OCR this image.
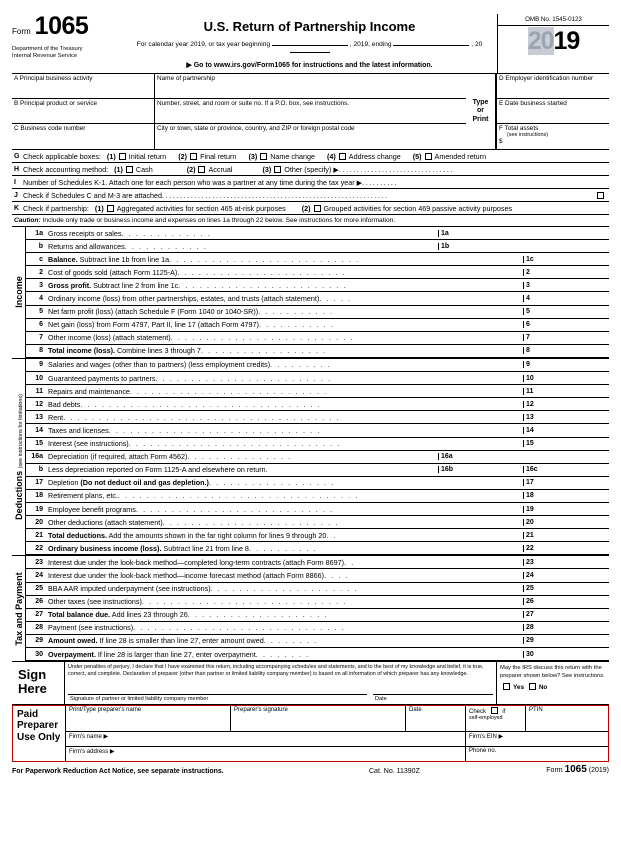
Form 1065
Department of the Treasury
Internal Revenue Service
U.S. Return of Partnership Income
For calendar year 2019, or tax year beginning	, 2019, ending	, 20
▶ Go to www.irs.gov/Form1065 for instructions and the latest information.
OMB No. 1545-0123
2019
A Principal business activity
B Principal product or service
C Business code number
Name of partnership
Number, street, and room or suite no. If a P.O. box, see instructions.
City or town, state or province, country, and ZIP or foreign postal code
Type
or
Print
D Employer identification number
E Date business started
F Total assets
(see instructions)
$
G Check applicable boxes: (1) Initial return (2) Final return (3) Name change (4) Address change (5) Amended return
H Check accounting method: (1) Cash	(2) Accrual	(3) Other (specify) ▶ ................................
I Number of Schedules K-1. Attach one for each person who was a partner at any time during the tax year ▶ ..........
J Check if Schedules C and M-3 are attached ...............................................................
K Check if partnership: (1) Aggregated activities for section 465 at-risk purposes (2) Grouped activities for section 469 passive activity purposes
Caution: Include only trade or business income and expenses on lines 1a through 22 below. See instructions for more information.
Income
1a Gross receipts or sales . . . . . . . . . . . . .	1a
b Returns and allowances . . . . . . . . . . . .	1b
c Balance. Subtract line 1b from line 1a . . . . . . . . . . . . . . . . . . . . . . . . . . .	1c
2 Cost of goods sold (attach Form 1125-A) . . . . . . . . . . . . . . . . . . . . . . . .	2
3 Gross profit. Subtract line 2 from line 1c . . . . . . . . . . . . . . . . . . . . . . . .	3
4 Ordinary income (loss) from other partnerships, estates, and trusts (attach statement) . . . . .	4
5 Net farm profit (loss) (attach Schedule F (Form 1040 or 1040-SR)) . . . . . . . . . . .	5
6 Net gain (loss) from Form 4797, Part II, line 17 (attach Form 4797) . . . . . . . . . . .	6
7 Other income (loss) (attach statement) . . . . . . . . . . . . . . . . . . . . . . . . . .	7
8 Total income (loss). Combine lines 3 through 7 . . . . . . . . . . . . . . . . . .	8
Deductions (see instructions for limitations)
9 Salaries and wages (other than to partners) (less employment credits) . . . . . . . . .	9
10 Guaranteed payments to partners . . . . . . . . . . . . . . . . . . . . . . . . .	10
11 Repairs and maintenance . . . . . . . . . . . . . . . . . . . . . . . . . . . .	11
12 Bad debts . . . . . . . . . . . . . . . . . . . . . . . . . . . . . . . . . .	12
13 Rent . . . . . . . . . . . . . . . . . . . . . . . . . . . . . . . . . . . . . . .	13
14 Taxes and licenses . . . . . . . . . . . . . . . . . . . . . . . . . . . . . .	14
15 Interest (see instructions) . . . . . . . . . . . . . . . . . . . . . . . . . . . . . .	15
16a Depreciation (if required, attach Form 4562) . . . . . . . . . . . . . . .	16a
b Less depreciation reported on Form 1125-A and elsewhere on return .	16b	16c
17 Depletion (Do not deduct oil and gas depletion.) . . . . . . . . . . . . . . . . . .	17
18 Retirement plans, etc. . . . . . . . . . . . . . . . . . . . . . . . . . . . . . . . . . .	18
19 Employee benefit programs . . . . . . . . . . . . . . . . . . . . . . . . . . . .	19
20 Other deductions (attach statement) . . . . . . . . . . . . . . . . . . . . . . . . .	20
21 Total deductions. Add the amounts shown in the far right column for lines 9 through 20 . .	21
22 Ordinary business income (loss). Subtract line 21 from line 8 . . . . . . . . . .	22
Tax and Payment
23 Interest due under the look-back method—completed long-term contracts (attach Form 8697) . .	23
24 Interest due under the look-back method—income forecast method (attach Form 8866) . . . .	24
25 BBA AAR imputed underpayment (see instructions) . . . . . . . . . . . . . . . . . . . . .	25
26 Other taxes (see instructions) . . . . . . . . . . . . . . . . . . . . . . . . . . . . .	26
27 Total balance due. Add lines 23 through 26 . . . . . . . . . . . . . . . . . . . .	27
28 Payment (see instructions) . . . . . . . . . . . . . . . . . . . . . . . . . . . . . .	28
29 Amount owed. If line 28 is smaller than line 27, enter amount owed . . . . . . . .	29
30 Overpayment. If line 28 is larger than line 27, enter overpayment . . . . . . . .	30
Sign
Here
Under penalties of perjury, I declare that I have examined this return, including accompanying schedules and statements, and to the best of my knowledge and belief, it is true, correct, and complete. Declaration of preparer (other than partner or limited liability company member) is based on all information of which preparer has any knowledge.
Signature of partner or limited liability company member	Date
May the IRS discuss this return with the preparer shown below? See instructions.
Yes No
Paid
Preparer
Use Only
Print/Type preparer's name	Preparer's signature	Date	Check	if
self-employed
PTIN
Firm's name ▶	Firm's EIN ▶
Firm's address ▶	Phone no.
For Paperwork Reduction Act Notice, see separate instructions.	Cat. No. 11390Z	Form 1065 (2019)
